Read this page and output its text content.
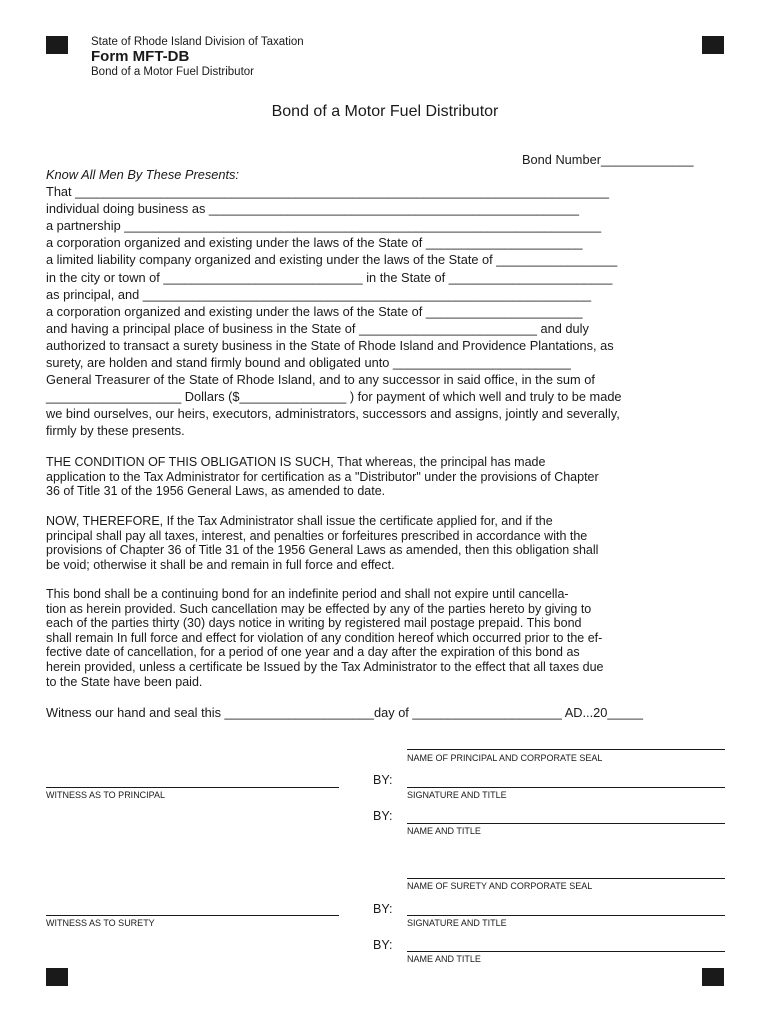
State of Rhode Island Division of Taxation
Form MFT-DB
Bond of a Motor Fuel Distributor
Bond of a Motor Fuel Distributor
Bond Number_____________
Know All Men By These Presents:
That ___________________________________________________________________________
individual doing business as ____________________________________________________
a partnership ___________________________________________________________________
a corporation organized and existing under the laws of the State of ______________________
a limited liability company organized and existing under the laws of the State of _________________
in the city or town of ____________________________ in the State of _______________________
as principal, and _______________________________________________________________
a corporation organized and existing under the laws of the State of ______________________
and having a principal place of business in the State of _________________________ and duly
authorized to transact a surety business in the State of Rhode Island and Providence Plantations, as
surety, are holden and stand firmly bound and obligated unto _________________________
General Treasurer of the State of Rhode Island, and to any successor in said office, in the sum of
___________________ Dollars ($_______________ ) for payment of which well and truly to be made
we bind ourselves, our heirs, executors, administrators, successors and assigns, jointly and severally,
firmly by these presents.
THE CONDITION OF THIS OBLIGATION IS SUCH, That whereas, the principal has made
application to the Tax Administrator for certification as a "Distributor" under the provisions of Chapter
36 of Title 31 of the 1956 General Laws, as amended to date.
NOW, THEREFORE, If the Tax Administrator shall issue the certificate applied for, and if the
principal shall pay all taxes, interest, and penalties or forfeitures prescribed in accordance with the
provisions of Chapter 36 of Title 31 of the 1956 General Laws as amended, then this obligation shall
be void; otherwise it shall be and remain in full force and effect.
This bond shall be a continuing bond for an indefinite period and shall not expire until cancella-
tion as herein provided. Such cancellation may be effected by any of the parties hereto by giving to
each of the parties thirty (30) days notice in writing by registered mail postage prepaid. This bond
shall remain In full force and effect for violation of any condition hereof which occurred prior to the ef-
fective date of cancellation, for a period of one year and a day after the expiration of this bond as
herein provided, unless a certificate be Issued by the Tax Administrator to the effect that all taxes due
to the State have been paid.
Witness our hand and seal this _____________________day of _____________________ AD...20_____
NAME OF PRINCIPAL AND CORPORATE SEAL
BY:
SIGNATURE AND TITLE
WITNESS AS TO PRINCIPAL
BY:
NAME AND TITLE
NAME OF SURETY AND CORPORATE SEAL
BY:
SIGNATURE AND TITLE
WITNESS AS TO SURETY
BY:
NAME AND TITLE
